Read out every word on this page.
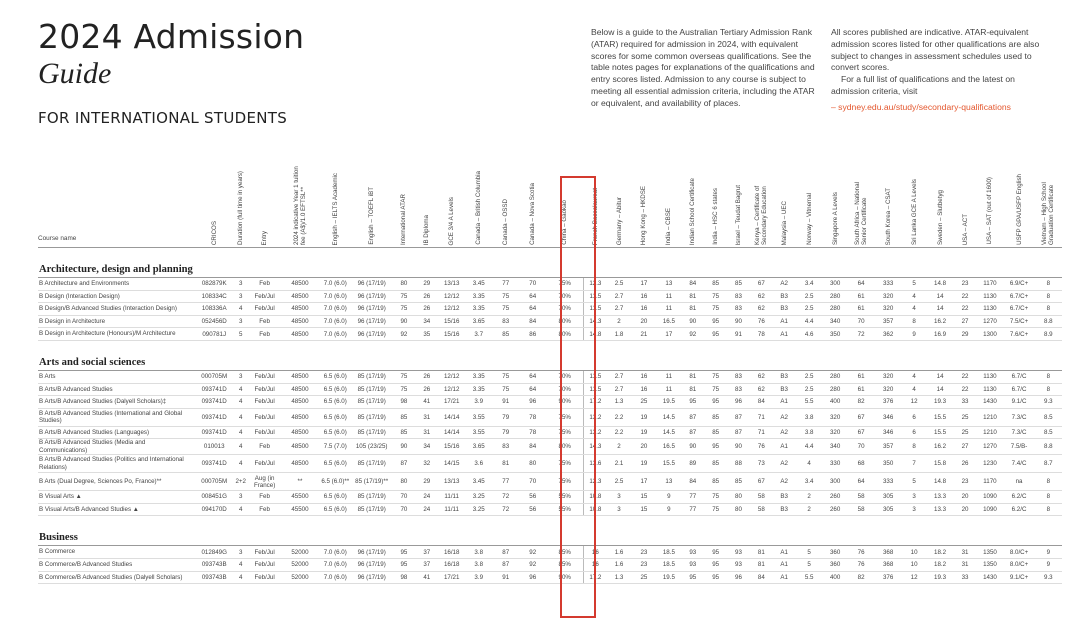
2024 Admission
Guide
FOR INTERNATIONAL STUDENTS
Below is a guide to the Australian Tertiary Admission Rank (ATAR) required for admission in 2024, with equivalent scores for some common overseas qualifications. See the table notes pages for explanations of the qualifications and entry scores listed. Admission to any course is subject to meeting all essential admission criteria, including the ATAR or equivalent, and availability of places.
All scores published are indicative. ATAR-equivalent admission scores listed for other qualifications are also subject to changes in assessment schedules used to convert scores.
For a full list of qualifications and the latest on admission criteria, visit
– sydney.edu.au/study/secondary-qualifications
Course name	CRICOS	Duration (full time in years)	Entry	2024 indicative Year 1 tuition fee (A$)/1.0 EFTSL**	English – IELTS Academic	English – TOEFL iBT	International ATAR	IB Diploma	GCE 3/4 A Levels	Canada – British Columbia	Canada – OSSD	Canada – Nova Scotia	China – Gaokao	French Baccalaureat	Germany – Abitur	Hong Kong – HKDSE	India – CBSE	Indian School Certificate	India – HSC 6 states	Israel – Teudat Bagrut	Kenya – Certificate of Secondary Education	Malaysia – UEC	Norway – Vitnemal	Singapore A Levels	South Africa – National Senior Certificate	South Korea – CSAT	Sri Lanka GCE A Levels	Sweden – Slutbetyg	USA – ACT	USA – SAT (out of 1600)	USFP GPA/USFP English	Vietnam – High School Graduation Certificate

Architecture, design and planning																																
B Architecture and Environments	082879K	3	Feb	48500	7.0 (6.0)	96 (17/19)	80	29	13/13	3.45	77	70	75%	12.3	2.5	17	13	84	85	85	67	A2	3.4	300	64	333	5	14.8	23	1170	6.9/C+	8
B Design (Interaction Design)	108334C	3	Feb/Jul	48500	7.0 (6.0)	96 (17/19)	75	26	12/12	3.35	75	64	70%	11.5	2.7	16	11	81	75	83	62	B3	2.5	280	61	320	4	14	22	1130	6.7/C+	8
B Design/B Advanced Studies (Interaction Design)	108336A	4	Feb/Jul	48500	7.0 (6.0)	96 (17/19)	75	26	12/12	3.35	75	64	70%	11.5	2.7	16	11	81	75	83	62	B3	2.5	280	61	320	4	14	22	1130	6.7/C+	8
B Design in Architecture	052456D	3	Feb	48500	7.0 (6.0)	96 (17/19)	90	34	15/16	3.65	83	84	80%	14.3	2	20	16.5	90	95	90	76	A1	4.4	340	70	357	8	16.2	27	1270	7.5/C+	8.8
B Design in Architecture (Honours)/M Architecture	090781J	5	Feb	48500	7.0 (6.0)	96 (17/19)	92	35	15/16	3.7	85	86	80%	14.8	1.8	21	17	92	95	91	78	A1	4.6	350	72	362	9	16.9	29	1300	7.6/C+	8.9

Arts and social sciences																																
B Arts	000705M	3	Feb/Jul	48500	6.5 (6.0)	85 (17/19)	75	26	12/12	3.35	75	64	70%	11.5	2.7	16	11	81	75	83	62	B3	2.5	280	61	320	4	14	22	1130	6.7/C	8
B Arts/B Advanced Studies	093741D	4	Feb/Jul	48500	6.5 (6.0)	85 (17/19)	75	26	12/12	3.35	75	64	70%	11.5	2.7	16	11	81	75	83	62	B3	2.5	280	61	320	4	14	22	1130	6.7/C	8
B Arts/B Advanced Studies (Dalyell Scholars)‡	093741D	4	Feb/Jul	48500	6.5 (6.0)	85 (17/19)	98	41	17/21	3.9	91	96	90%	17.2	1.3	25	19.5	95	95	96	84	A1	5.5	400	82	376	12	19.3	33	1430	9.1/C	9.3
B Arts/B Advanced Studies (International and Global Studies)	093741D	4	Feb/Jul	48500	6.5 (6.0)	85 (17/19)	85	31	14/14	3.55	79	78	75%	13.2	2.2	19	14.5	87	85	87	71	A2	3.8	320	67	346	6	15.5	25	1210	7.3/C	8.5
B Arts/B Advanced Studies (Languages)	093741D	4	Feb/Jul	48500	6.5 (6.0)	85 (17/19)	85	31	14/14	3.55	79	78	75%	13.2	2.2	19	14.5	87	85	87	71	A2	3.8	320	67	346	6	15.5	25	1210	7.3/C	8.5
B Arts/B Advanced Studies (Media and Communications)	010013	4	Feb	48500	7.5 (7.0)	105 (23/25)	90	34	15/16	3.65	83	84	80%	14.3	2	20	16.5	90	95	90	76	A1	4.4	340	70	357	8	16.2	27	1270	7.5/B-	8.8
B Arts/B Advanced Studies (Politics and International Relations)	093741D	4	Feb/Jul	48500	6.5 (6.0)	85 (17/19)	87	32	14/15	3.6	81	80	75%	13.6	2.1	19	15.5	89	85	88	73	A2	4	330	68	350	7	15.8	26	1230	7.4/C	8.7
B Arts (Dual Degree, Sciences Po, France)**	000705M	2+2	Aug (in France)	**	6.5 (6.0)**	85 (17/19)**	80	29	13/13	3.45	77	70	75%	12.3	2.5	17	13	84	85	85	67	A2	3.4	300	64	333	5	14.8	23	1170	na	8
B Visual Arts ▲	008451G	3	Feb	45500	6.5 (6.0)	85 (17/19)	70	24	11/11	3.25	72	56	55%	10.8	3	15	9	77	75	80	58	B3	2	260	58	305	3	13.3	20	1090	6.2/C	8
B Visual Arts/B Advanced Studies ▲	094170D	4	Feb	45500	6.5 (6.0)	85 (17/19)	70	24	11/11	3.25	72	56	55%	10.8	3	15	9	77	75	80	58	B3	2	260	58	305	3	13.3	20	1090	6.2/C	8

Business																																
B Commerce	012849G	3	Feb/Jul	52000	7.0 (6.0)	96 (17/19)	95	37	16/18	3.8	87	92	85%	16	1.6	23	18.5	93	95	93	81	A1	5	360	76	368	10	18.2	31	1350	8.0/C+	9
B Commerce/B Advanced Studies	093743B	4	Feb/Jul	52000	7.0 (6.0)	96 (17/19)	95	37	16/18	3.8	87	92	85%	16	1.6	23	18.5	93	95	93	81	A1	5	360	76	368	10	18.2	31	1350	8.0/C+	9
B Commerce/B Advanced Studies (Dalyell Scholars)	093743B	4	Feb/Jul	52000	7.0 (6.0)	96 (17/19)	98	41	17/21	3.9	91	96	90%	17.2	1.3	25	19.5	95	95	96	84	A1	5.5	400	82	376	12	19.3	33	1430	9.1/C+	9.3
